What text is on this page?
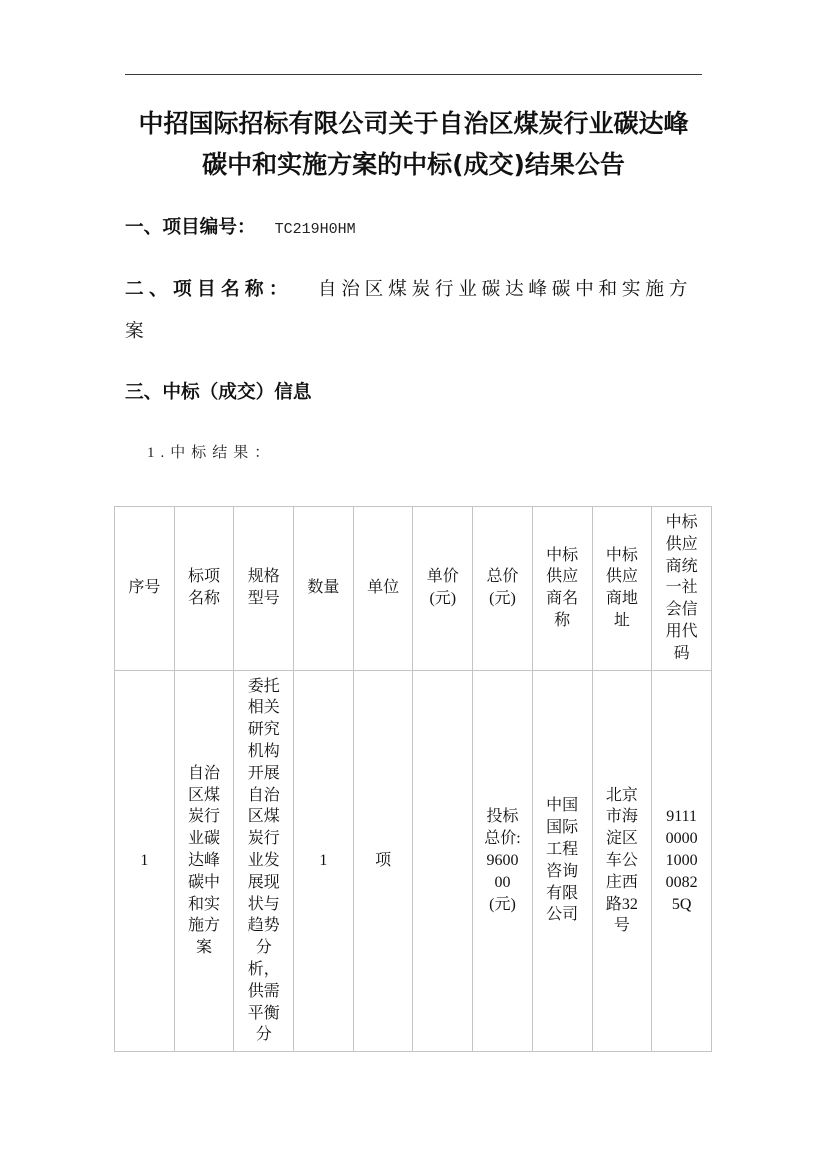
中招国际招标有限公司关于自治区煤炭行业碳达峰碳中和实施方案的中标(成交)结果公告
一、项目编号： TC219H0HM
二、项目名称： 自治区煤炭行业碳达峰碳中和实施方案
三、中标（成交）信息
1.中标结果：
序号	标项名称	规格型号	数量	单位	单价(元)	总价(元)	中标供应商名称	中标供应商地址	中标供应商统一社会信用代码
1	自治区煤炭行业碳达峰碳中和实施方案	委托相关研究机构开展自治区煤炭行业发展现状与趋势分析，供需平衡分	1	项		投标总价:960000(元)	中国国际工程咨询有限公司	北京市海淀区车公庄西路32号	91110000100000825Q
